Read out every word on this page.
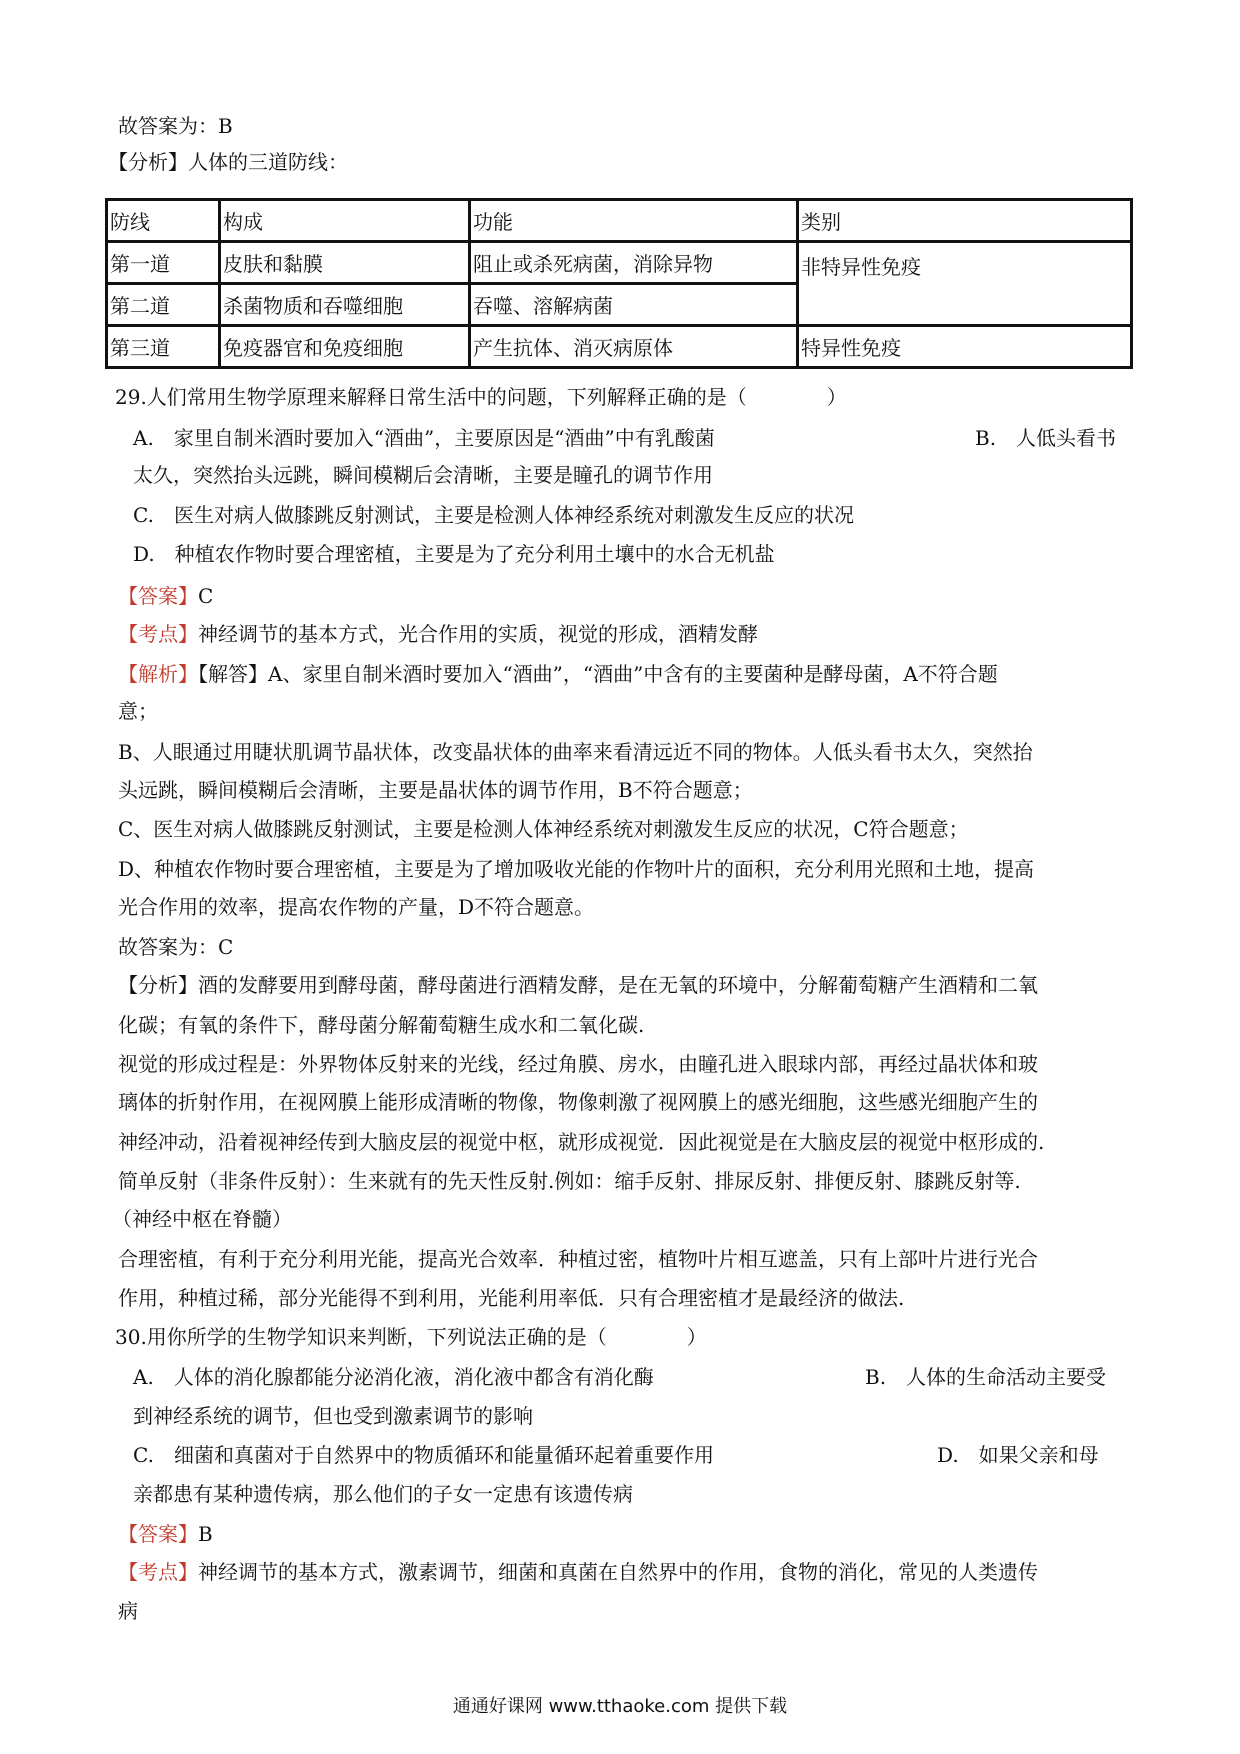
故答案为：B
【分析】人体的三道防线：
防线	构成	功能	类别
第一道	皮肤和黏膜	阻止或杀死病菌，消除异物	非特异性免疫
第二道	杀菌物质和吞噬细胞	吞噬、溶解病菌	
第三道	免疫器官和免疫细胞	产生抗体、消灭病原体	特异性免疫
29.人们常用生物学原理来解释日常生活中的问题，下列解释正确的是（　　　　）
A.　家里自制米酒时要加入“酒曲”，主要原因是“酒曲”中有乳酸菌	B.　人低头看书
太久，突然抬头远跳，瞬间模糊后会清晰，主要是瞳孔的调节作用
C.　医生对病人做膝跳反射测试，主要是检测人体神经系统对刺激发生反应的状况
D.　种植农作物时要合理密植，主要是为了充分利用土壤中的水合无机盐
【答案】C
【考点】神经调节的基本方式，光合作用的实质，视觉的形成，酒精发酵
【解析】【解答】A、家里自制米酒时要加入“酒曲”，“酒曲”中含有的主要菌种是酵母菌，A不符合题
意；
B、人眼通过用睫状肌调节晶状体，改变晶状体的曲率来看清远近不同的物体。人低头看书太久，突然抬
头远跳，瞬间模糊后会清晰，主要是晶状体的调节作用，B不符合题意；
C、医生对病人做膝跳反射测试，主要是检测人体神经系统对刺激发生反应的状况，C符合题意；
D、种植农作物时要合理密植，主要是为了增加吸收光能的作物叶片的面积，充分利用光照和土地，提高
光合作用的效率，提高农作物的产量，D不符合题意。
故答案为：C
【分析】酒的发酵要用到酵母菌，酵母菌进行酒精发酵，是在无氧的环境中，分解葡萄糖产生酒精和二氧
化碳；有氧的条件下，酵母菌分解葡萄糖生成水和二氧化碳.
视觉的形成过程是：外界物体反射来的光线，经过角膜、房水，由瞳孔进入眼球内部，再经过晶状体和玻
璃体的折射作用，在视网膜上能形成清晰的物像，物像刺激了视网膜上的感光细胞，这些感光细胞产生的
神经冲动，沿着视神经传到大脑皮层的视觉中枢，就形成视觉．因此视觉是在大脑皮层的视觉中枢形成的.
简单反射（非条件反射）：生来就有的先天性反射.例如：缩手反射、排尿反射、排便反射、膝跳反射等.
（神经中枢在脊髓）
合理密植，有利于充分利用光能，提高光合效率．种植过密，植物叶片相互遮盖，只有上部叶片进行光合
作用，种植过稀，部分光能得不到利用，光能利用率低．只有合理密植才是最经济的做法.
30.用你所学的生物学知识来判断，下列说法正确的是（　　　　）
A.　人体的消化腺都能分泌消化液，消化液中都含有消化酶	B.　人体的生命活动主要受
到神经系统的调节，但也受到激素调节的影响
C.　细菌和真菌对于自然界中的物质循环和能量循环起着重要作用	D.　如果父亲和母
亲都患有某种遗传病，那么他们的子女一定患有该遗传病
【答案】B
【考点】神经调节的基本方式，激素调节，细菌和真菌在自然界中的作用，食物的消化，常见的人类遗传
病
通通好课网 www.tthaoke.com 提供下载
